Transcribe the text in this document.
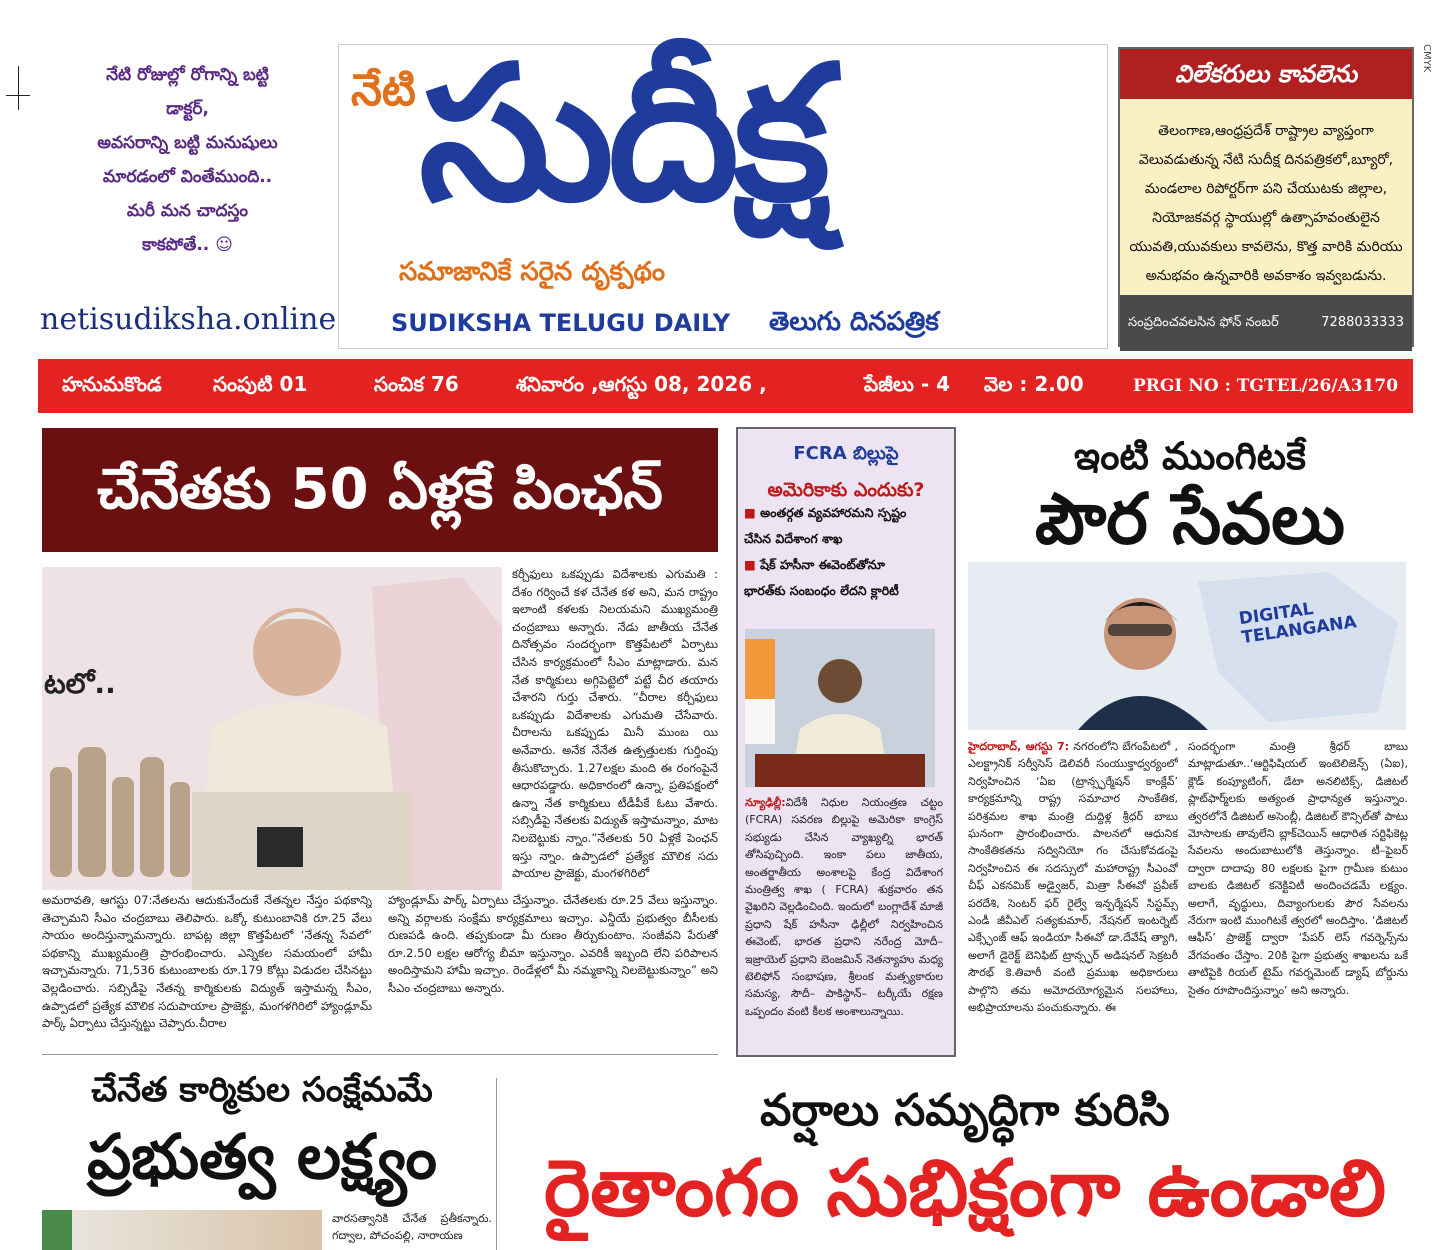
నేటి రోజుల్లో రోగాన్ని బట్టి
డాక్టర్,
అవసరాన్ని బట్టి మనుషులు
మారడంలో వింతేముంది..
మరీ మన చాదస్తం
కాకపోతే.. ☺
netisudiksha.online
నేటి సుదీక్ష
సమాజానికే సరైన దృక్పథం
SUDIKSHA TELUGU DAILY తెలుగు దినపత్రిక
విలేకరులు కావలెను
తెలంగాణ,ఆంధ్రప్రదేశ్ రాష్ట్రాల వ్యాప్తంగా వెలువడుతున్న నేటి సుదీక్ష దినపత్రికలో,బ్యూరో, మండలాల రిపోర్టర్‌గా పని చేయుటకు జిల్లాల, నియోజకవర్గ స్థాయుల్లో ఉత్సాహవంతులైన యువతి,యువకులు కావలెను, కొత్త వారికి మరియు అనుభవం ఉన్నవారికి అవకాశం ఇవ్వబడును.
సంప్రదించవలసిన ఫోన్ నంబర్	7288033333
CMYK
హనుమకొండ	సంపుటి 01	సంచిక 76	శనివారం ,ఆగస్టు 08, 2026 ,	పేజీలు - 4 వెల : 2.00	PRGI NO : TGTEL/26/A3170
చేనేతకు 50 ఏళ్లకే పింఛన్
టలో..
కర్చీఫులు ఒకప్పుడు విదేశాలకు ఎగుమతి : దేశం గర్వించే కళ చేనేత కళ అని, మన రాష్ట్రం ఇలాంటి కళలకు నిలయమని ముఖ్యమంత్రి చంద్రబాబు అన్నారు. నేడు జాతీయ చేనేత దినోత్సవం సందర్భంగా కొత్తపేటలో ఏర్పాటు చేసిన కార్యక్రమంలో సీఎం మాట్లాడారు. మన నేత కార్మికులు అగ్గిపెట్టెలో పట్టే చీర తయారు చేశారని గుర్తు చేశారు. “చీరాల కర్చీఫులు ఒకప్పుడు విదేశాలకు ఎగుమతి చేసేవారు. చీరాలను ఒకప్పుడు మినీ ముంబ యి అనేవారు. అనేక నేనేత ఉత్పత్తులకు గుర్తింపు తీసుకొచ్చారు. 1.27లక్షల మంది ఈ రంగంపైనే ఆధారపడ్డారు. అధికారంలో ఉన్నా, ప్రతిపక్షంలో ఉన్నా నేత కార్మికులు టీడీపీకే ఓటు వేశారు. సబ్సిడీపై నేతలకు విద్యుత్ ఇస్తామన్నాం, మాట నిలబెట్టుకు న్నాం.”నేతలకు 50 ఏళ్లకే పెంఛన్ ఇస్తు న్నాం. ఉప్పాడలో ప్రత్యేక మౌలిక సదు పాయాల ప్రాజెక్టు, మంగళగిరిలో
అమరావతి, ఆగస్టు 07:నేతలను ఆదుకునేందుకే నేతన్నల నేస్తం పథకాన్ని తెచ్చామని సీఎం చంద్రబాబు తెలిపారు. ఒక్కో కుటుంబానికి రూ.25 వేలు సాయం అందిస్తున్నామన్నారు. బాపట్ల జిల్లా కొత్తపేటలో ‘నేతన్న సేవలో’ పథకాన్ని ముఖ్యమంత్రి ప్రారంభించారు. ఎన్నికల సమయంలో హామీ ఇచ్చామన్నారు. 71,536 కుటుంబాలకు రూ.179 కోట్లు విడుదల చేసినట్టు వెల్లడించారు. సబ్సిడీపై నేతన్న కార్మికులకు విద్యుత్ ఇస్తామన్న సీఎం, ఉప్పాడలో ప్రత్యేక మౌలిక సదుపాయాల ప్రాజెక్టు, మంగళగిరిలో హ్యాండ్లూమ్ పార్క్ ఏర్పాటు చేస్తున్నట్టు చెప్పారు.చీరాల
హ్యాండ్లూమ్ పార్క్ ఏర్పాటు చేస్తున్నాం. చేనేతలకు రూ.25 వేలు ఇస్తున్నాం. అన్ని వర్గాలకు సంక్షేమ కార్యక్రమాలు ఇచ్చాం. ఎన్డీయే ప్రభుత్వం బీసీలకు రుణపడి ఉంది. తప్పకుండా మీ రుణం తీర్చుకుంటాం. సంజీవని పేరుతో రూ.2.50 లక్షల ఆరోగ్య బీమా ఇస్తున్నాం. ఎవరికీ ఇబ్బంది లేని పరిపాలన అందిస్తామని హామీ ఇచ్చాం. రెండేళ్లలో మీ నమ్మకాన్ని నిలబెట్టుకున్నాం” అని సీఎం చంద్రబాబు అన్నారు.
FCRA బిల్లుపై
అమెరికాకు ఎందుకు?
■ అంతర్గత వ్యవహారమని స్పష్టం
చేసిన విదేశాంగ శాఖ
■ షేక్ హసీనా ఈవెంట్‌తోనూ
భారత్‌కు సంబంధం లేదని క్లారిటీ
న్యూఢిల్లీ:విదేశీ నిధుల నియంత్రణ చట్టం (FCRA) సవరణ బిల్లుపై అమెరికా కాంగ్రెస్ సభ్యుడు చేసిన వ్యాఖ్యల్ని భారత్ తోసిపుచ్చింది. ఇంకా పలు జాతీయ, అంతర్జాతీయ అంశాలపై కేంద్ర విదేశాంగ మంత్రిత్వ శాఖ ( FCRA) శుక్రవారం తన వైఖరిని వెల్లడించింది. ఇందులో బంగ్లాదేశ్ మాజీ ప్రధాని షేక్ హసీనా ఢిల్లీలో నిర్వహించిన ఈవెంట్, భారత ప్రధాని నరేంద్ర మోదీ– ఇజ్రాయెల్ ప్రధాని బెంజమిన్ నెతన్యాహు మధ్య టెలిఫోన్ సంభాషణ, శ్రీలంక మత్స్యకారుల సమస్య, సౌదీ– పాకిస్థాన్– టర్కీయే రక్షణ ఒప్పందం వంటి కీలక అంశాలున్నాయి.
ఇంటి ముంగిటకే
పౌర సేవలు
DIGITAL TELANGANA
హైదరాబాద్, ఆగస్టు 7: నగరంలోని బేగంపేటలో , ఎలక్ట్రానిక్ సర్వీసెస్ డెలివరీ సంయుక్తాధ్వర్యంలో నిర్వహించిన ‘ఏఐ (ట్రాన్స్ఫర్మేషన్ కాంక్లేవ్’ కార్యక్రమాన్ని రాష్ట్ర సమాచార సాంకేతిక, పరిశ్రమల శాఖ మంత్రి దుద్దిళ్ల శ్రీధర్ బాబు ఘనంగా ప్రారంభించారు. పాలనలో ఆధునిక సాంకేతికతను సద్వినియో గం చేసుకోవడంపై నిర్వహించిన ఈ సదస్సులో మహారాష్ట్ర సీఎంవో చీఫ్ ఎకనమిక్ అడ్వైజర్, మిత్రా సీఈవో ప్రవీణ్ పరదేశి, సెంటర్ ఫర్ రైల్వే ఇన్ఫర్మేషన్ సిస్టమ్స్ ఎండీ జీవీఎల్ సత్యకుమార్, నేషనల్ ఇంటర్నెట్ ఎక్స్ఛేంజ్ ఆఫ్ ఇండియా సీఈవో డా.దేవేష్ త్యాగి, అలాగే డైరెక్ట్ బెనిఫిట్ ట్రాన్స్ఫర్ అడిషనల్ సెక్రటరీ సౌరభ్ కె.తివారీ వంటి ప్రముఖ అధికారులు పాల్గొని తమ అమోదయోగ్యమైన సలహాలు, అభిప్రాయాలను పంచుకున్నారు. ఈ
సందర్భంగా మంత్రి శ్రీధర్ బాబు మాట్లాడుతూ..‘ఆర్టిఫిషియల్ ఇంటెలిజెన్స్ (ఏఐ), క్లౌడ్ కంప్యూటింగ్, డేటా అనలిటిక్స్, డిజిటల్ ప్లాట్‌ఫార్మ్‌లకు అత్యంత ప్రాధాన్యత ఇస్తున్నాం. త్వరలోనే డిజిటల్ అసెంబ్లీ, డిజిటల్ కౌన్సిల్‌తో పాటు మోసాలకు తావులేని బ్లాక్‌చెయిన్ ఆధారిత సర్టిఫికెట్ల సేవలను అందుబాటులోకి తెస్తున్నాం. టీ–ఫైబర్ ద్వారా దాదాపు 80 లక్షలకు పైగా గ్రామీణ కుటుం బాలకు డిజిటల్ కనెక్టివిటీ అందించడమే లక్ష్యం. అలాగే, వృద్ధులు, దివ్యాంగులకు పౌర సేవలను నేరుగా ఇంటి ముంగిటకే త్వరలో అందిస్తాం. ‘డిజిటల్ ఆఫీస్’ ప్రాజెక్ట్ ద్వారా ‘పేపర్ లెస్ గవర్నెన్స్‌ను వేగవంతం చేస్తాం. 20కి పైగా ప్రభుత్వ శాఖలను ఒకే తాటిపైకి రియల్ టైమ్ గవర్నమెంట్ డ్యాష్ బోర్డును సైతం రూపొందిస్తున్నాం’ అని అన్నారు.
చేనేత కార్మికుల సంక్షేమమే
ప్రభుత్వ లక్ష్యం
వారసత్వానికి చేనేత ప్రతీకన్నారు. గద్వాల, పోచంపల్లి, నారాయణ
వర్షాలు సమృద్ధిగా కురిసి
రైతాంగం సుభిక్షంగా ఉండాలి
